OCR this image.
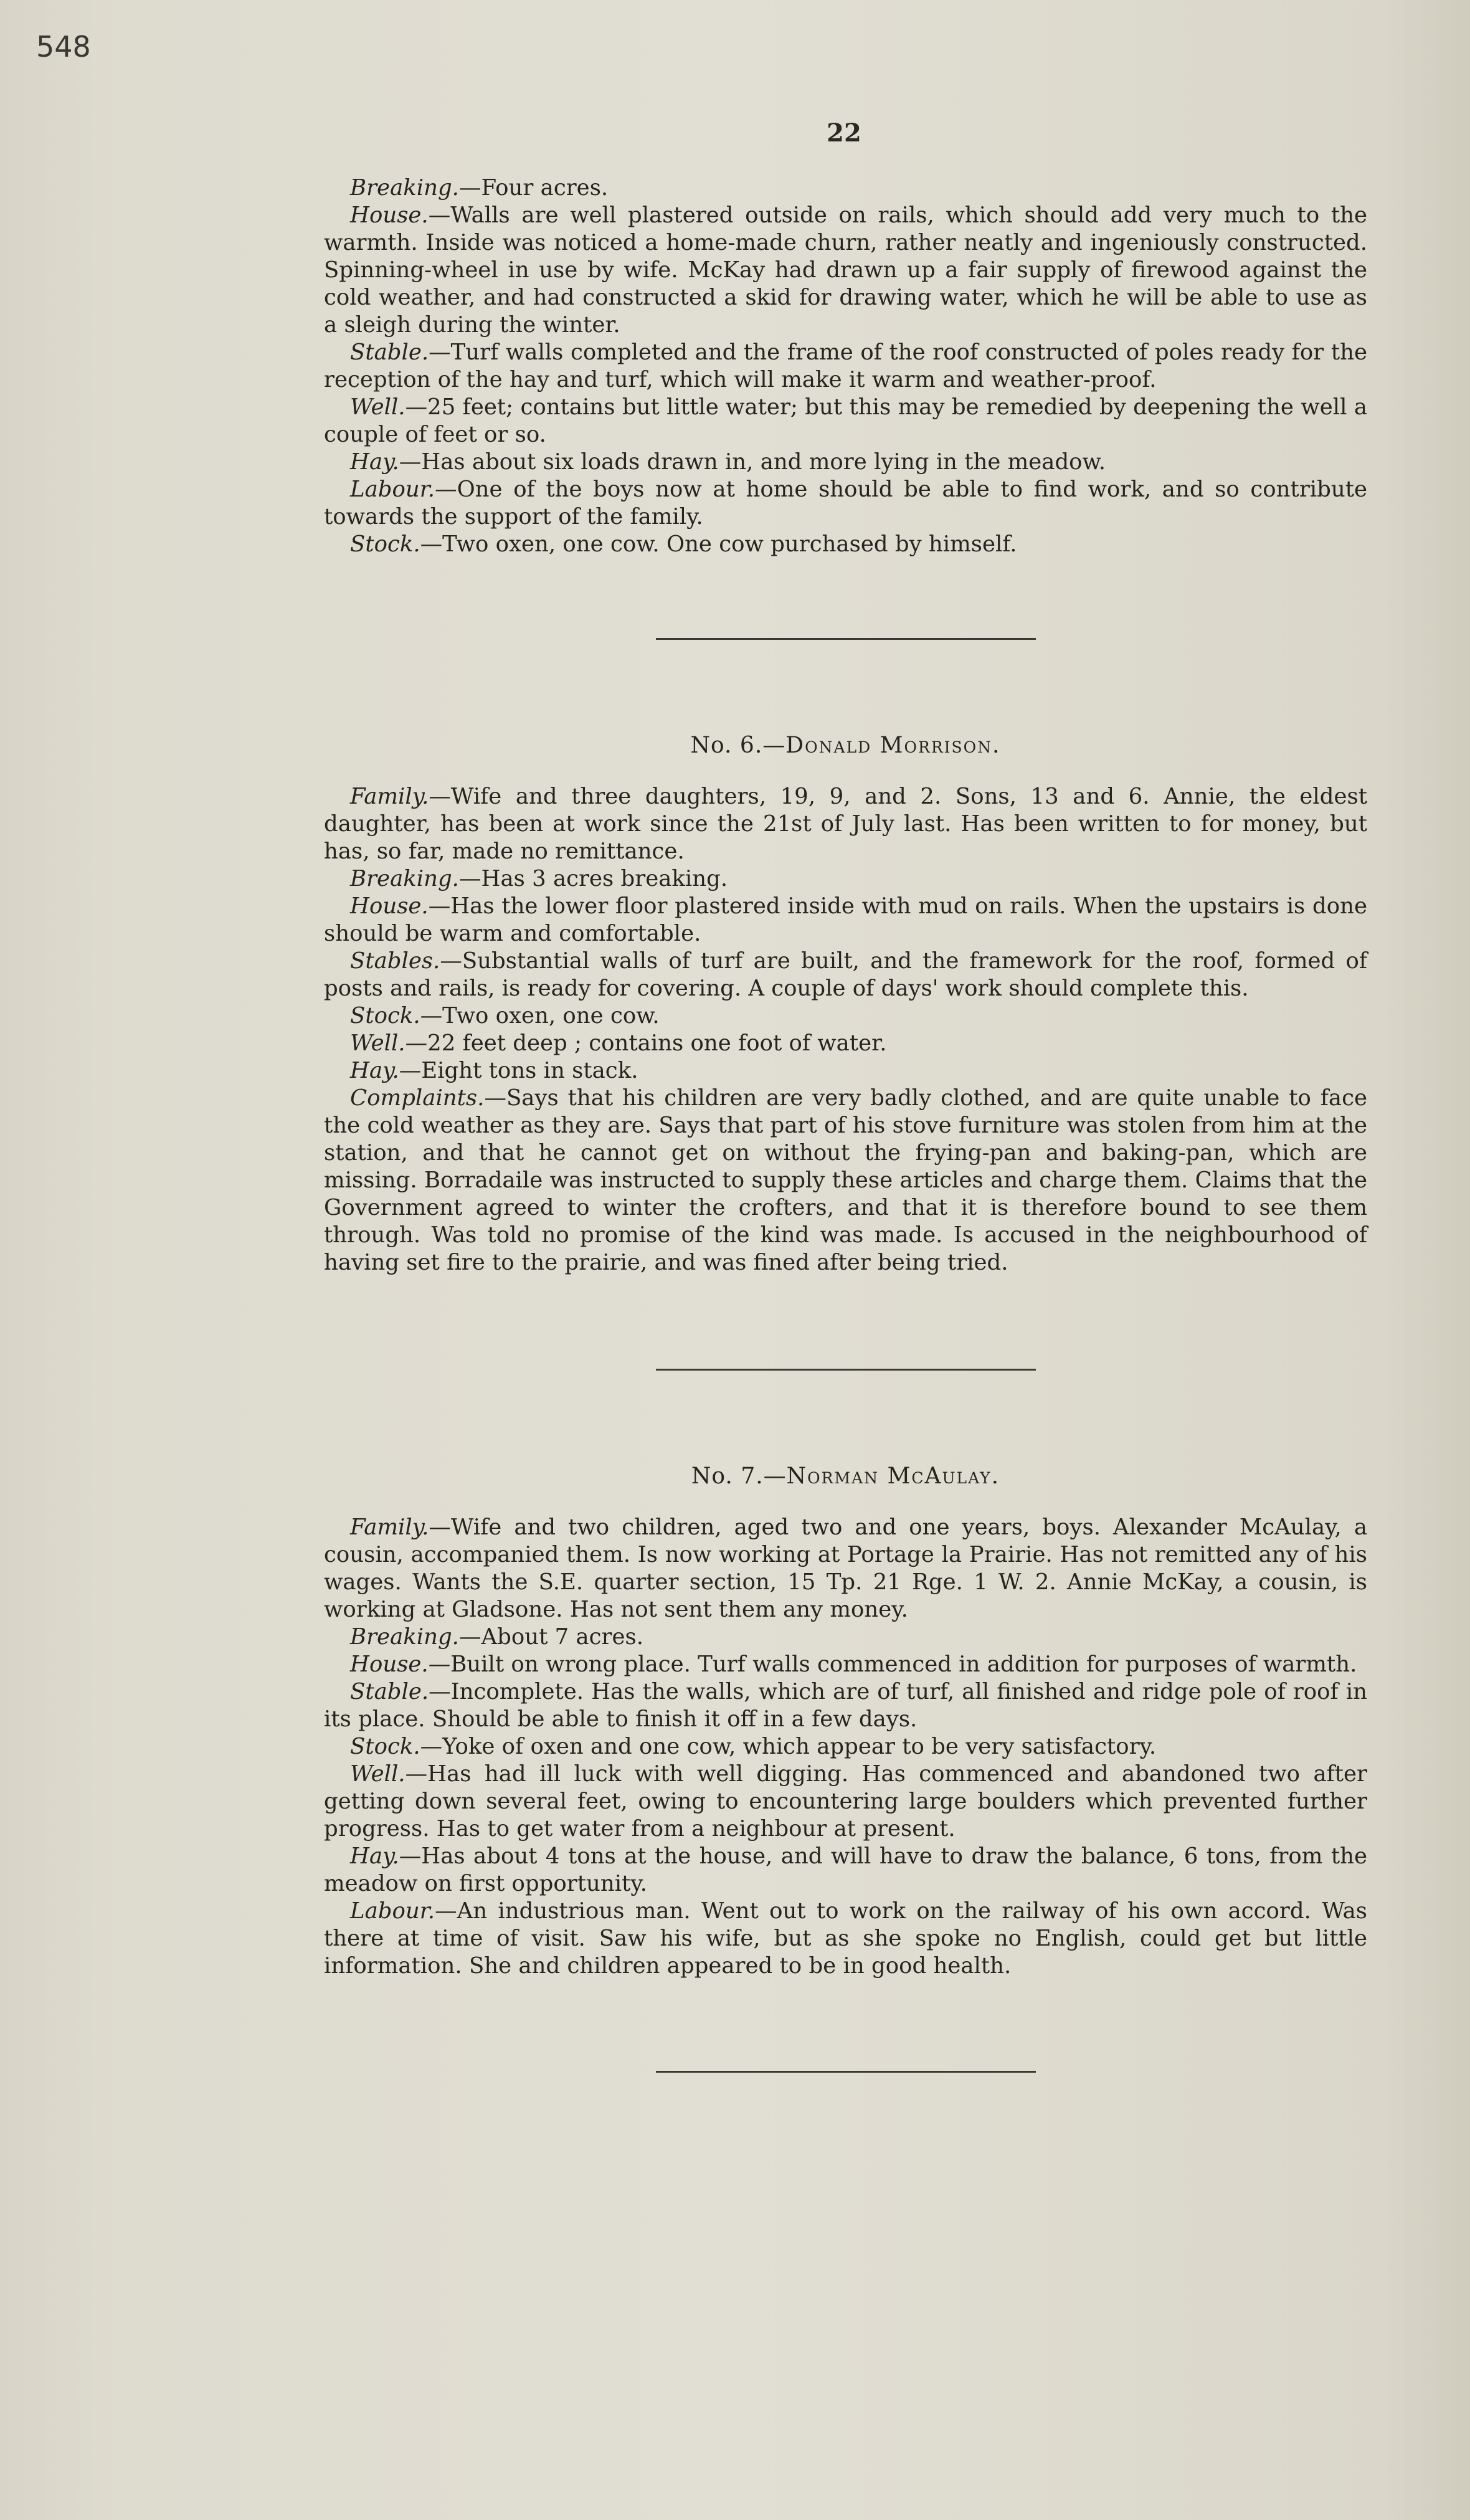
548
22

Breaking.—Four acres.

House.—Walls are well plastered outside on rails, which should add very much to the warmth. Inside was noticed a home-made churn, rather neatly and ingeniously constructed. Spinning-wheel in use by wife. McKay had drawn up a fair supply of firewood against the cold weather, and had constructed a skid for drawing water, which he will be able to use as a sleigh during the winter.

Stable.—Turf walls completed and the frame of the roof constructed of poles ready for the reception of the hay and turf, which will make it warm and weather-proof.

Well.—25 feet; contains but little water; but this may be remedied by deepening the well a couple of feet or so.

Hay.—Has about six loads drawn in, and more lying in the meadow.

Labour.—One of the boys now at home should be able to find work, and so contribute towards the support of the family.

Stock.—Two oxen, one cow. One cow purchased by himself.

No. 6.—Donald Morrison.

Family.—Wife and three daughters, 19, 9, and 2. Sons, 13 and 6. Annie, the eldest daughter, has been at work since the 21st of July last. Has been written to for money, but has, so far, made no remittance.

Breaking.—Has 3 acres breaking.

House.—Has the lower floor plastered inside with mud on rails. When the upstairs is done should be warm and comfortable.

Stables.—Substantial walls of turf are built, and the framework for the roof, formed of posts and rails, is ready for covering. A couple of days' work should complete this.

Stock.—Two oxen, one cow.

Well.—22 feet deep ; contains one foot of water.

Hay.—Eight tons in stack.

Complaints.—Says that his children are very badly clothed, and are quite unable to face the cold weather as they are. Says that part of his stove furniture was stolen from him at the station, and that he cannot get on without the frying-pan and baking-pan, which are missing. Borradaile was instructed to supply these articles and charge them. Claims that the Government agreed to winter the crofters, and that it is therefore bound to see them through. Was told no promise of the kind was made. Is accused in the neighbourhood of having set fire to the prairie, and was fined after being tried.

No. 7.—Norman McAulay.

Family.—Wife and two children, aged two and one years, boys. Alexander McAulay, a cousin, accompanied them. Is now working at Portage la Prairie. Has not remitted any of his wages. Wants the S.E. quarter section, 15 Tp. 21 Rge. 1 W. 2. Annie McKay, a cousin, is working at Gladsone. Has not sent them any money.

Breaking.—About 7 acres.

House.—Built on wrong place. Turf walls commenced in addition for purposes of warmth.

Stable.—Incomplete. Has the walls, which are of turf, all finished and ridge pole of roof in its place. Should be able to finish it off in a few days.

Stock.—Yoke of oxen and one cow, which appear to be very satisfactory.

Well.—Has had ill luck with well digging. Has commenced and abandoned two after getting down several feet, owing to encountering large boulders which prevented further progress. Has to get water from a neighbour at present.

Hay.—Has about 4 tons at the house, and will have to draw the balance, 6 tons, from the meadow on first opportunity.

Labour.—An industrious man. Went out to work on the railway of his own accord. Was there at time of visit. Saw his wife, but as she spoke no English, could get but little information. She and children appeared to be in good health.
